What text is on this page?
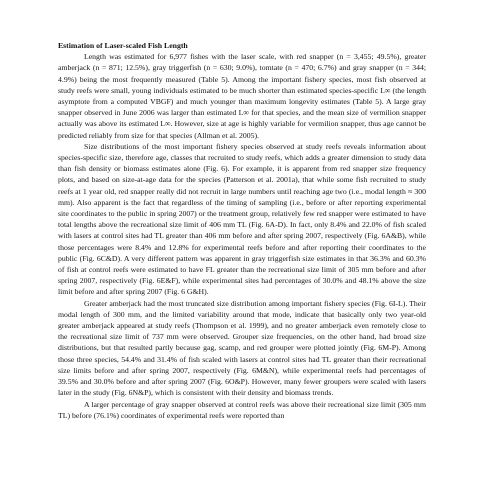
Estimation of Laser-scaled Fish Length

Length was estimated for 6,977 fishes with the laser scale, with red snapper (n = 3,455; 49.5%), greater amberjack (n = 871; 12.5%), gray triggerfish (n = 630; 9.0%), tomtate (n = 470; 6.7%) and gray snapper (n = 344; 4.9%) being the most frequently measured (Table 5). Among the important fishery species, most fish observed at study reefs were small, young individuals estimated to be much shorter than estimated species-specific L∞ (the length asymptote from a computed VBGF) and much younger than maximum longevity estimates (Table 5). A large gray snapper observed in June 2006 was larger than estimated L∞ for that species, and the mean size of vermilion snapper actually was above its estimated L∞. However, size at age is highly variable for vermilion snapper, thus age cannot be predicted reliably from size for that species (Allman et al. 2005).

Size distributions of the most important fishery species observed at study reefs reveals information about species-specific size, therefore age, classes that recruited to study reefs, which adds a greater dimension to study data than fish density or biomass estimates alone (Fig. 6). For example, it is apparent from red snapper size frequency plots, and based on size-at-age data for the species (Patterson et al. 2001a), that while some fish recruited to study reefs at 1 year old, red snapper really did not recruit in large numbers until reaching age two (i.e., modal length ≈ 300 mm). Also apparent is the fact that regardless of the timing of sampling (i.e., before or after reporting experimental site coordinates to the public in spring 2007) or the treatment group, relatively few red snapper were estimated to have total lengths above the recreational size limit of 406 mm TL (Fig. 6A-D). In fact, only 8.4% and 22.0% of fish scaled with lasers at control sites had TL greater than 406 mm before and after spring 2007, respectively (Fig. 6A&B), while those percentages were 8.4% and 12.8% for experimental reefs before and after reporting their coordinates to the public (Fig. 6C&D). A very different pattern was apparent in gray triggerfish size estimates in that 36.3% and 60.3% of fish at control reefs were estimated to have FL greater than the recreational size limit of 305 mm before and after spring 2007, respectively (Fig. 6E&F), while experimental sites had percentages of 30.0% and 48.1% above the size limit before and after spring 2007 (Fig. 6 G&H).

Greater amberjack had the most truncated size distribution among important fishery species (Fig. 6I-L). Their modal length of 300 mm, and the limited variability around that mode, indicate that basically only two year-old greater amberjack appeared at study reefs (Thompson et al. 1999), and no greater amberjack even remotely close to the recreational size limit of 737 mm were observed. Grouper size frequencies, on the other hand, had broad size distributions, but that resulted partly because gag, scamp, and red grouper were plotted jointly (Fig. 6M-P). Among those three species, 54.4% and 31.4% of fish scaled with lasers at control sites had TL greater than their recreational size limits before and after spring 2007, respectively (Fig. 6M&N), while experimental reefs had percentages of 39.5% and 30.0% before and after spring 2007 (Fig. 6O&P). However, many fewer groupers were scaled with lasers later in the study (Fig. 6N&P), which is consistent with their density and biomass trends.

A larger percentage of gray snapper observed at control reefs was above their recreational size limit (305 mm TL) before (76.1%) coordinates of experimental reefs were reported than
